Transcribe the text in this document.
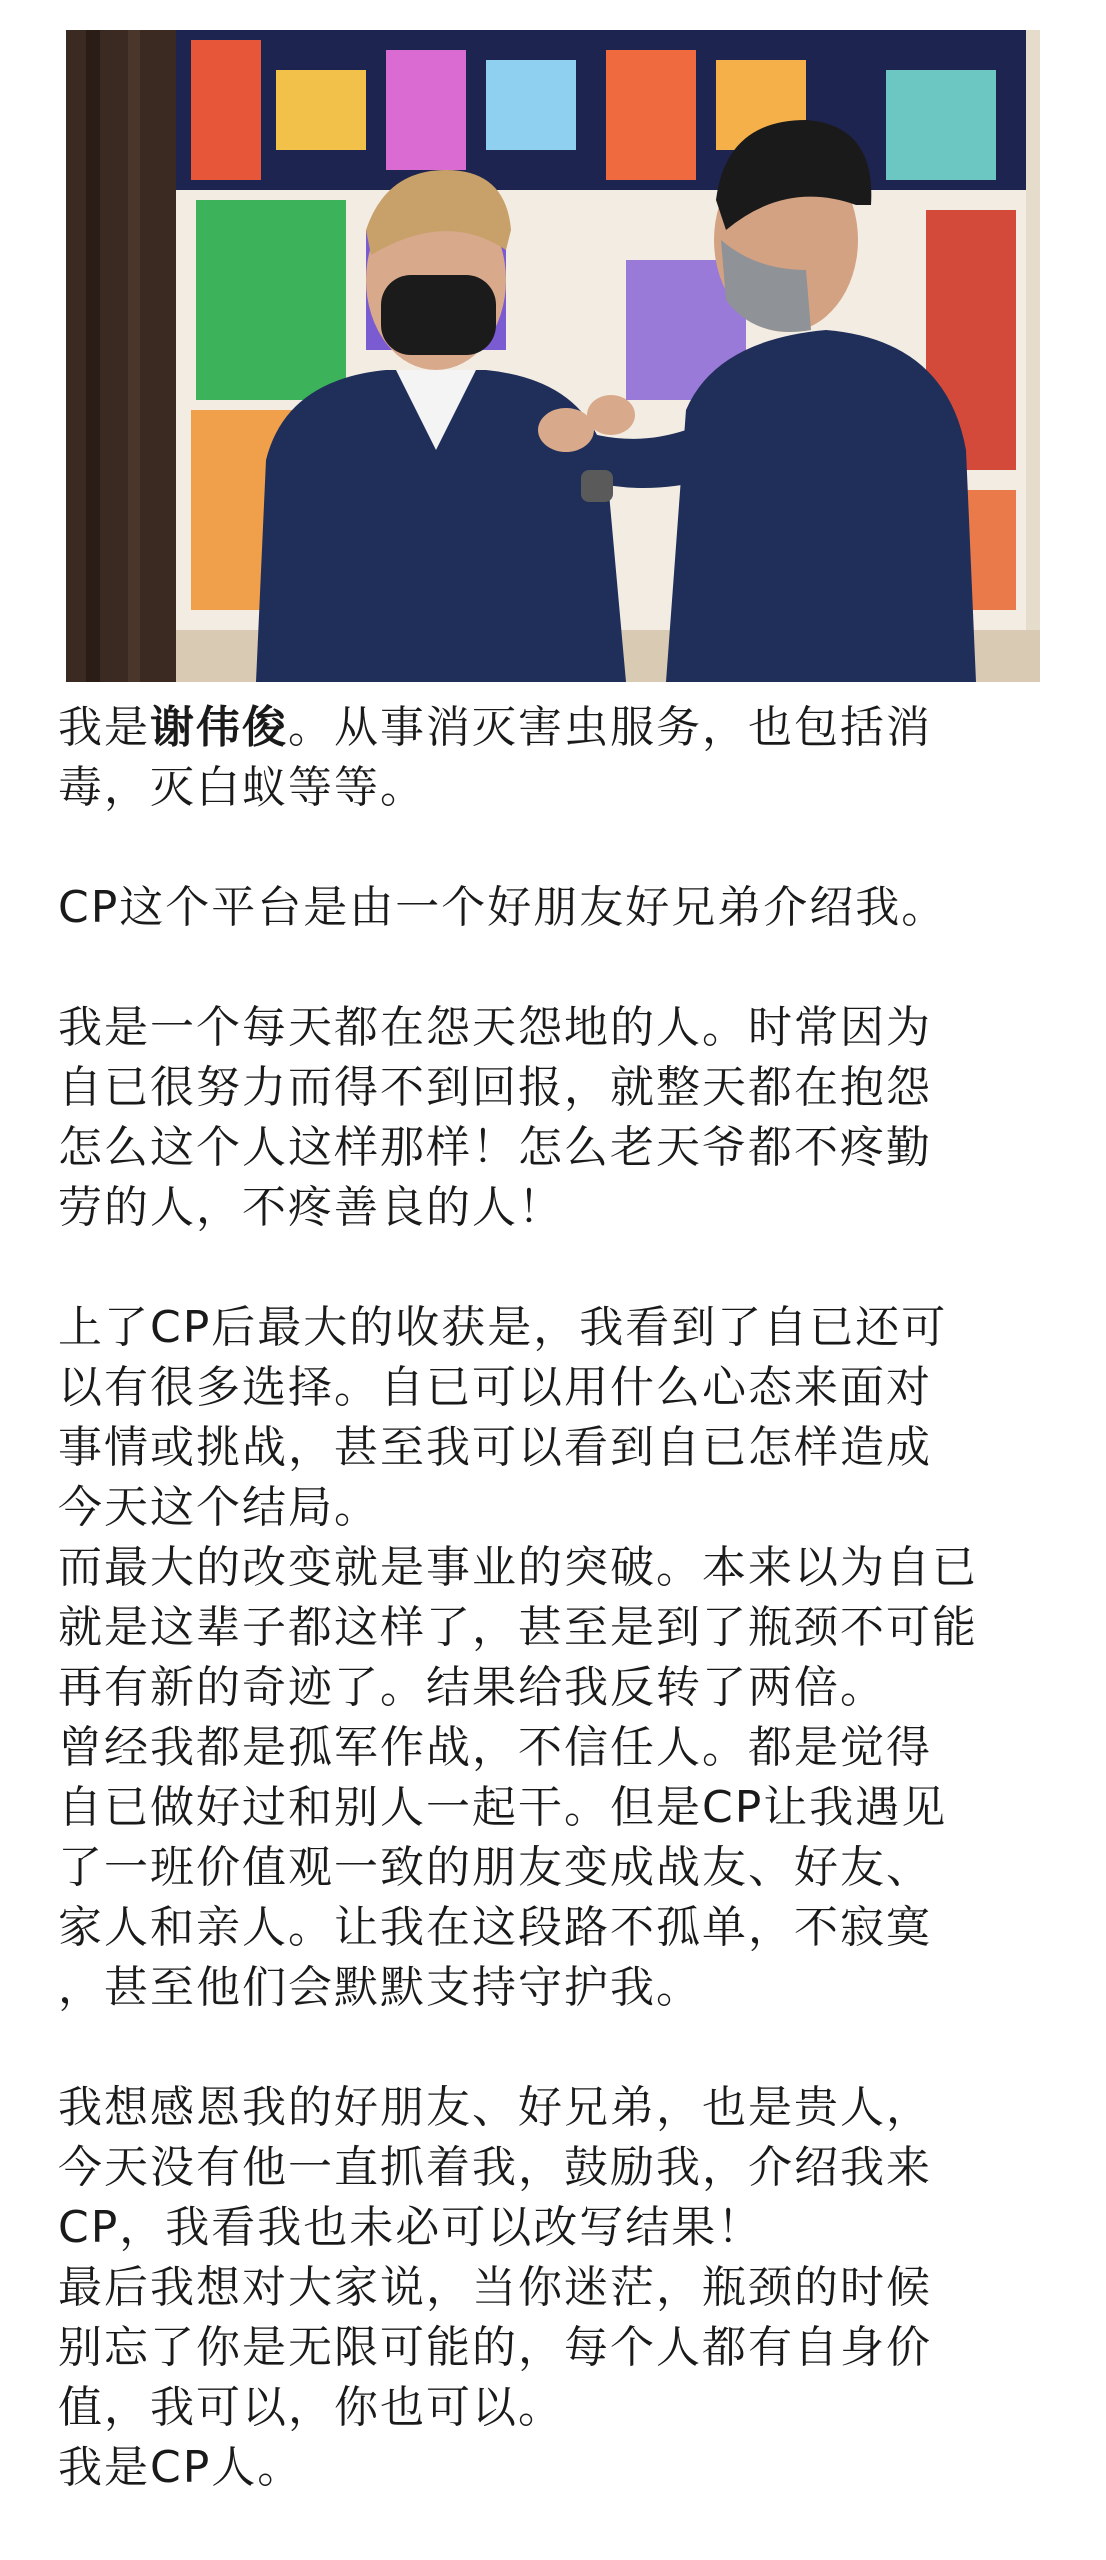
我是谢伟俊。从事消灭害虫服务，也包括消

毒，灭白蚁等等。

CP这个平台是由一个好朋友好兄弟介绍我。

我是一个每天都在怨天怨地的人。时常因为

自已很努力而得不到回报，就整天都在抱怨

怎么这个人这样那样！怎么老天爷都不疼勤

劳的人，不疼善良的人！

上了CP后最大的收获是，我看到了自已还可

以有很多选择。自已可以用什么心态来面对

事情或挑战，甚至我可以看到自已怎样造成

今天这个结局。

而最大的改变就是事业的突破。本来以为自已

就是这辈子都这样了，甚至是到了瓶颈不可能

再有新的奇迹了。结果给我反转了两倍。

曾经我都是孤军作战，不信任人。都是觉得

自已做好过和别人一起干。但是CP让我遇见

了一班价值观一致的朋友变成战友、好友、

家人和亲人。让我在这段路不孤单，不寂寞

，甚至他们会默默支持守护我。

我想感恩我的好朋友、好兄弟，也是贵人，

今天没有他一直抓着我，鼓励我，介绍我来

CP，我看我也未必可以改写结果！

最后我想对大家说，当你迷茫，瓶颈的时候

别忘了你是无限可能的，每个人都有自身价

值，我可以，你也可以。

我是CP人。
